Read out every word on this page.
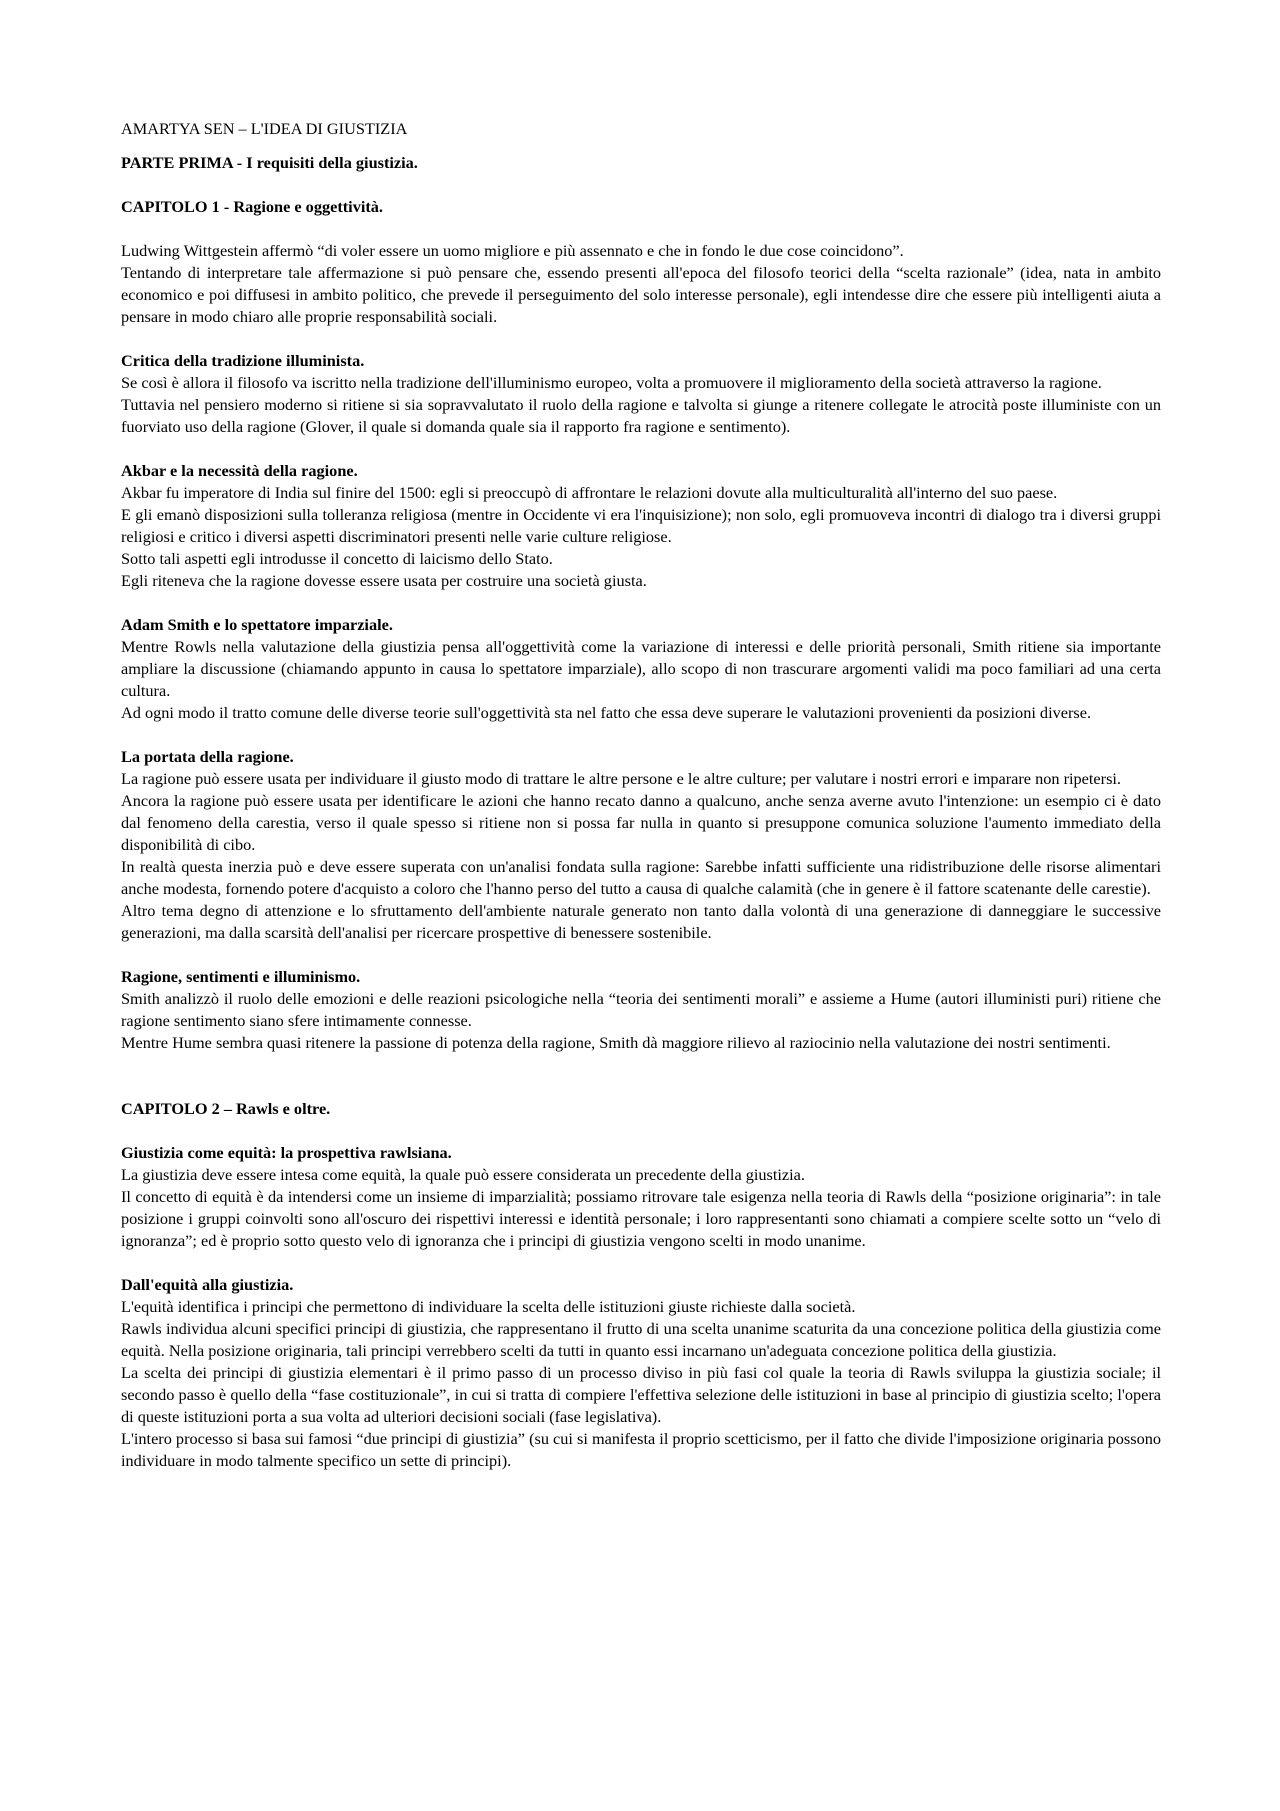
AMARTYA SEN – L'IDEA DI GIUSTIZIA
PARTE PRIMA - I requisiti della giustizia.
CAPITOLO 1 - Ragione e oggettività.

Ludwing Wittgestein affermò “di voler essere un uomo migliore e più assennato e che in fondo le due cose coincidono”.

Tentando di interpretare tale affermazione si può pensare che, essendo presenti all'epoca del filosofo teorici della “scelta razionale” (idea, nata in ambito economico e poi diffusesi in ambito politico, che prevede il perseguimento del solo interesse personale), egli intendesse dire che essere più intelligenti aiuta a pensare in modo chiaro alle proprie responsabilità sociali.

Critica della tradizione illuminista.

Se così è allora il filosofo va iscritto nella tradizione dell'illuminismo europeo, volta a promuovere il miglioramento della società attraverso la ragione.

Tuttavia nel pensiero moderno si ritiene si sia sopravvalutato il ruolo della ragione e talvolta si giunge a ritenere collegate le atrocità poste illuministe con un fuorviato uso della ragione (Glover, il quale si domanda quale sia il rapporto fra ragione e sentimento).

Akbar e la necessità della ragione.

Akbar fu imperatore di India sul finire del 1500: egli si preoccupò di affrontare le relazioni dovute alla multiculturalità all'interno del suo paese.

E gli emanò disposizioni sulla tolleranza religiosa (mentre in Occidente vi era l'inquisizione); non solo, egli promuoveva incontri di dialogo tra i diversi gruppi religiosi e critico i diversi aspetti discriminatori presenti nelle varie culture religiose.

Sotto tali aspetti egli introdusse il concetto di laicismo dello Stato.

Egli riteneva che la ragione dovesse essere usata per costruire una società giusta.

Adam Smith e lo spettatore imparziale.

Mentre Rowls nella valutazione della giustizia pensa all'oggettività come la variazione di interessi e delle priorità personali, Smith ritiene sia importante ampliare la discussione (chiamando appunto in causa lo spettatore imparziale), allo scopo di non trascurare argomenti validi ma poco familiari ad una certa cultura.

Ad ogni modo il tratto comune delle diverse teorie sull'oggettività sta nel fatto che essa deve superare le valutazioni provenienti da posizioni diverse.

La portata della ragione.

La ragione può essere usata per individuare il giusto modo di trattare le altre persone e le altre culture; per valutare i nostri errori e imparare non ripetersi.

Ancora la ragione può essere usata per identificare le azioni che hanno recato danno a qualcuno, anche senza averne avuto l'intenzione: un esempio ci è dato dal fenomeno della carestia, verso il quale spesso si ritiene non si possa far nulla in quanto si presuppone comunica soluzione l'aumento immediato della disponibilità di cibo.

In realtà questa inerzia può e deve essere superata con un'analisi fondata sulla ragione: Sarebbe infatti sufficiente una ridistribuzione delle risorse alimentari anche modesta, fornendo potere d'acquisto a coloro che l'hanno perso del tutto a causa di qualche calamità (che in genere è il fattore scatenante delle carestie).

Altro tema degno di attenzione e lo sfruttamento dell'ambiente naturale generato non tanto dalla volontà di una generazione di danneggiare le successive generazioni, ma dalla scarsità dell'analisi per ricercare prospettive di benessere sostenibile.

Ragione, sentimenti e illuminismo.

Smith analizzò il ruolo delle emozioni e delle reazioni psicologiche nella “teoria dei sentimenti morali” e assieme a Hume (autori illuministi puri) ritiene che ragione sentimento siano sfere intimamente connesse.

Mentre Hume sembra quasi ritenere la passione di potenza della ragione, Smith dà maggiore rilievo al raziocinio nella valutazione dei nostri sentimenti.

CAPITOLO 2 – Rawls e oltre.
Giustizia come equità: la prospettiva rawlsiana.

La giustizia deve essere intesa come equità, la quale può essere considerata un precedente della giustizia.

Il concetto di equità è da intendersi come un insieme di imparzialità; possiamo ritrovare tale esigenza nella teoria di Rawls della “posizione originaria”: in tale posizione i gruppi coinvolti sono all'oscuro dei rispettivi interessi e identità personale; i loro rappresentanti sono chiamati a compiere scelte sotto un “velo di ignoranza”; ed è proprio sotto questo velo di ignoranza che i principi di giustizia vengono scelti in modo unanime.

Dall'equità alla giustizia.

L'equità identifica i principi che permettono di individuare la scelta delle istituzioni giuste richieste dalla società.

Rawls individua alcuni specifici principi di giustizia, che rappresentano il frutto di una scelta unanime scaturita da una concezione politica della giustizia come equità. Nella posizione originaria, tali principi verrebbero scelti da tutti in quanto essi incarnano un'adeguata concezione politica della giustizia.

La scelta dei principi di giustizia elementari è il primo passo di un processo diviso in più fasi col quale la teoria di Rawls sviluppa la giustizia sociale; il secondo passo è quello della “fase costituzionale”, in cui si tratta di compiere l'effettiva selezione delle istituzioni in base al principio di giustizia scelto; l'opera di queste istituzioni porta a sua volta ad ulteriori decisioni sociali (fase legislativa).

L'intero processo si basa sui famosi “due principi di giustizia” (su cui si manifesta il proprio scetticismo, per il fatto che divide l'imposizione originaria possono individuare in modo talmente specifico un sette di principi).
